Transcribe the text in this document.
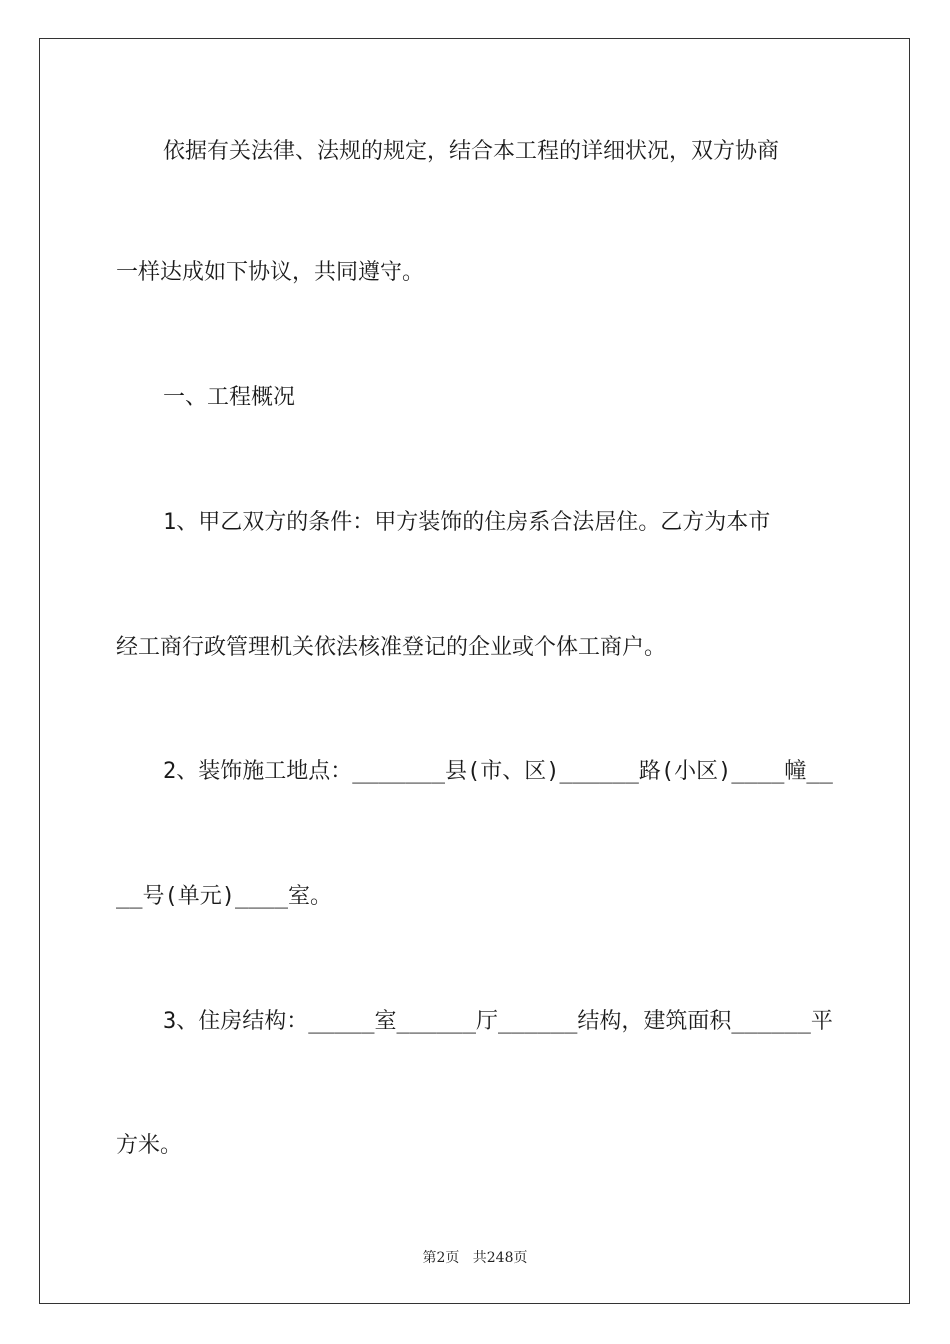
依据有关法律、法规的规定，结合本工程的详细状况，双方协商
一样达成如下协议，共同遵守。
一、工程概况
1、甲乙双方的条件：甲方装饰的住房系合法居住。乙方为本市
经工商行政管理机关依法核准登记的企业或个体工商户。
2、装饰施工地点：_______县(市、区)______路(小区)____幢__
__号(单元)____室。
3、住房结构：_____室______厅______结构，建筑面积______平
方米。
第2页 共248页
